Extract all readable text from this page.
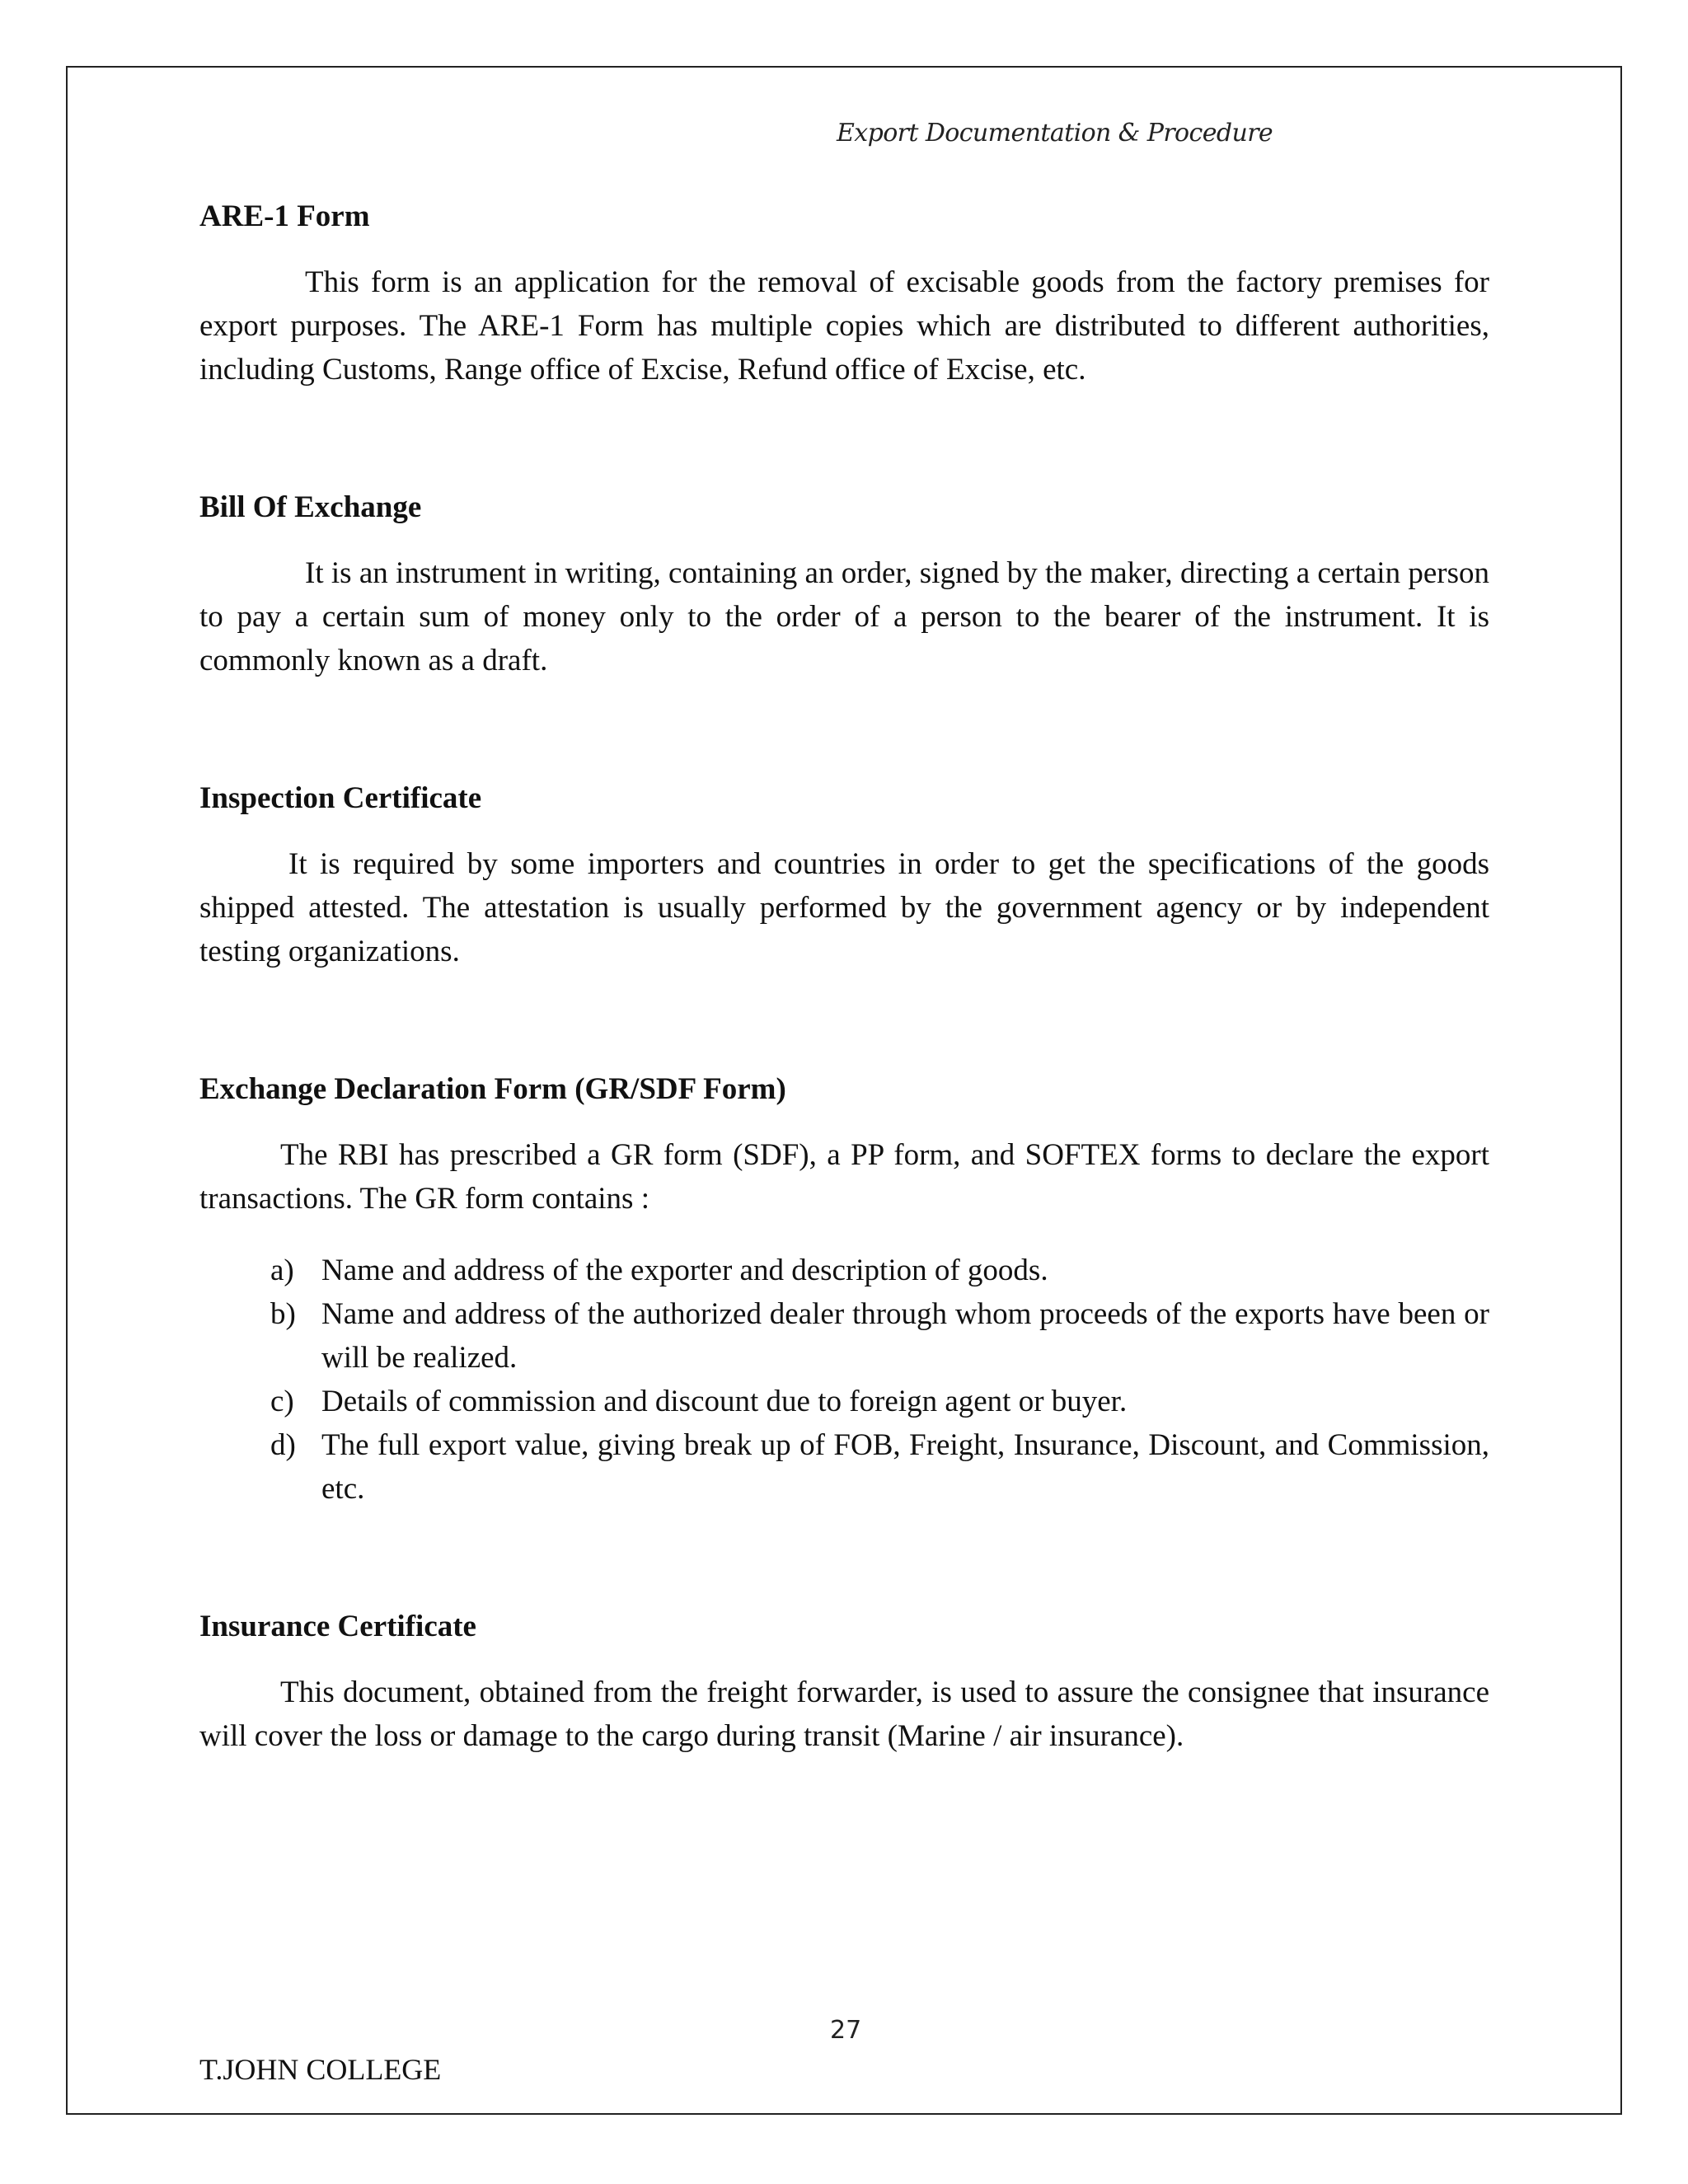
Export Documentation & Procedure
ARE-1 Form

This form is an application for the removal of excisable goods from the factory premises for export purposes. The ARE-1 Form has multiple copies which are distributed to different authorities, including Customs, Range office of Excise, Refund office of Excise, etc.

Bill Of Exchange

It is an instrument in writing, containing an order, signed by the maker, directing a certain person to pay a certain sum of money only to the order of a person to the bearer of the instrument. It is commonly known as a draft.

Inspection Certificate

It is required by some importers and countries in order to get the specifications of the goods shipped attested. The attestation is usually performed by the government agency or by independent testing organizations.

Exchange Declaration Form (GR/SDF Form)

The RBI has prescribed a GR form (SDF), a PP form, and SOFTEX forms to declare the export transactions. The GR form contains :

a) Name and address of the exporter and description of goods.
b) Name and address of the authorized dealer through whom proceeds of the exports have been or will be realized.
c) Details of commission and discount due to foreign agent or buyer.
d) The full export value, giving break up of FOB, Freight, Insurance, Discount, and Commission, etc.
Insurance Certificate

This document, obtained from the freight forwarder, is used to assure the consignee that insurance will cover the loss or damage to the cargo during transit (Marine / air insurance).

27
T.JOHN COLLEGE
